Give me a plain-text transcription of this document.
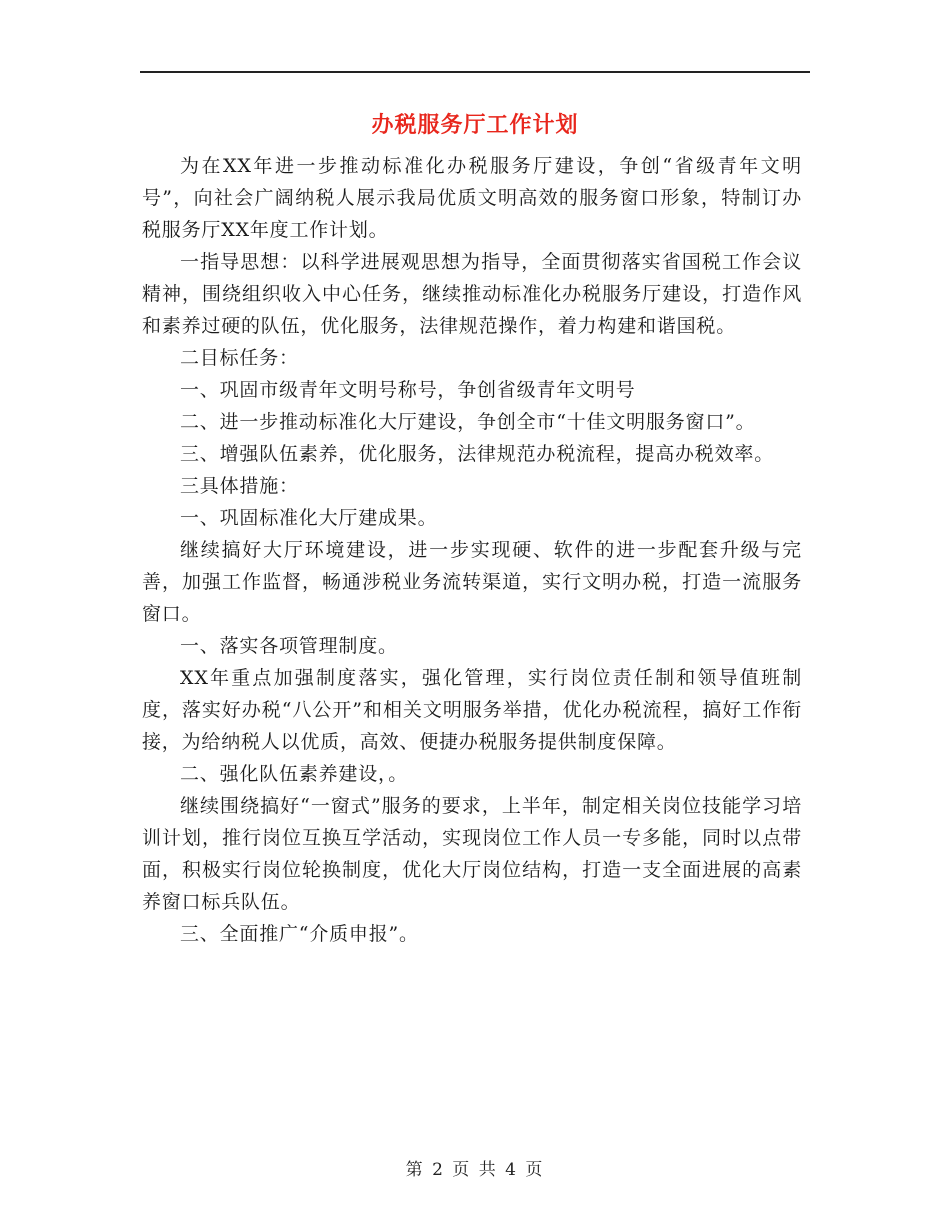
办税服务厅工作计划

为在XX年进一步推动标准化办税服务厅建设，争创“省级青年文明号”，向社会广阔纳税人展示我局优质文明高效的服务窗口形象，特制订办税服务厅XX年度工作计划。

一指导思想：以科学进展观思想为指导，全面贯彻落实省国税工作会议精神，围绕组织收入中心任务，继续推动标准化办税服务厅建设，打造作风和素养过硬的队伍，优化服务，法律规范操作，着力构建和谐国税。

二目标任务：

一、巩固市级青年文明号称号，争创省级青年文明号

二、进一步推动标准化大厅建设，争创全市“十佳文明服务窗口”。

三、增强队伍素养，优化服务，法律规范办税流程，提高办税效率。

三具体措施：

一、巩固标准化大厅建成果。

继续搞好大厅环境建设，进一步实现硬、软件的进一步配套升级与完善，加强工作监督，畅通涉税业务流转渠道，实行文明办税，打造一流服务窗口。

一、落实各项管理制度。

XX年重点加强制度落实，强化管理，实行岗位责任制和领导值班制度，落实好办税“八公开”和相关文明服务举措，优化办税流程，搞好工作衔接，为给纳税人以优质，高效、便捷办税服务提供制度保障。

二、强化队伍素养建设，。

继续围绕搞好“一窗式”服务的要求，上半年，制定相关岗位技能学习培训计划，推行岗位互换互学活动，实现岗位工作人员一专多能，同时以点带面，积极实行岗位轮换制度，优化大厅岗位结构，打造一支全面进展的高素养窗口标兵队伍。

三、全面推广“介质申报”。

第 2 页 共 4 页
